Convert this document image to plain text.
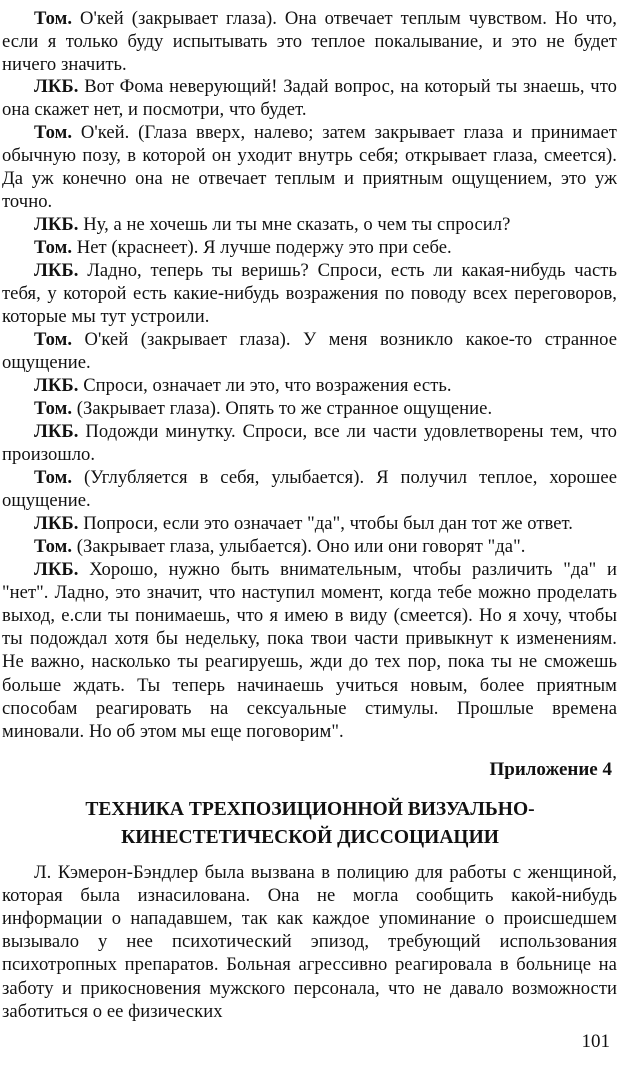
Том. О'кей (закрывает глаза). Она отвечает теплым чувством. Но что, если я только буду испытывать это теплое покалывание, и это не будет ничего значить.

ЛКБ. Вот Фома неверующий! Задай вопрос, на который ты знаешь, что она скажет нет, и посмотри, что будет.

Том. О'кей. (Глаза вверх, налево; затем закрывает глаза и принимает обычную позу, в которой он уходит внутрь себя; открывает глаза, смеется). Да уж конечно она не отвечает теплым и приятным ощущением, это уж точно.

ЛКБ. Ну, а не хочешь ли ты мне сказать, о чем ты спросил?

Том. Нет (краснеет). Я лучше подержу это при себе.

ЛКБ. Ладно, теперь ты веришь? Спроси, есть ли какая-нибудь часть тебя, у которой есть какие-нибудь возражения по поводу всех переговоров, которые мы тут устроили.

Том. О'кей (закрывает глаза). У меня возникло какое-то странное ощущение.

ЛКБ. Спроси, означает ли это, что возражения есть.

Том. (Закрывает глаза). Опять то же странное ощущение.

ЛКБ. Подожди минутку. Спроси, все ли части удовлетворены тем, что произошло.

Том. (Углубляется в себя, улыбается). Я получил теплое, хорошее ощущение.

ЛКБ. Попроси, если это означает "да", чтобы был дан тот же ответ.

Том. (Закрывает глаза, улыбается). Оно или они говорят "да".

ЛКБ. Хорошо, нужно быть внимательным, чтобы различить "да" и "нет". Ладно, это значит, что наступил момент, когда тебе можно проделать выход, е.сли ты понимаешь, что я имею в виду (смеется). Но я хочу, чтобы ты подождал хотя бы недельку, пока твои части привыкнут к изменениям. Не важно, насколько ты реагируешь, жди до тех пор, пока ты не сможешь больше ждать. Ты теперь начинаешь учиться новым, более приятным способам реагировать на сексуальные стимулы. Прошлые времена миновали. Но об этом мы еще поговорим".

Приложение 4
ТЕХНИКА ТРЕХПОЗИЦИОННОЙ ВИЗУАЛЬНО-
КИНЕСТЕТИЧЕСКОЙ ДИССОЦИАЦИИ

Л. Кэмерон-Бэндлер была вызвана в полицию для работы с женщиной, которая была изнасилована. Она не могла сообщить какой-нибудь информации о нападавшем, так как каждое упоминание о происшедшем вызывало у нее психотический эпизод, требующий использования психотропных препаратов. Больная агрессивно реагировала в больнице на заботу и прикосновения мужского персонала, что не давало возможности заботиться о ее физических

101
